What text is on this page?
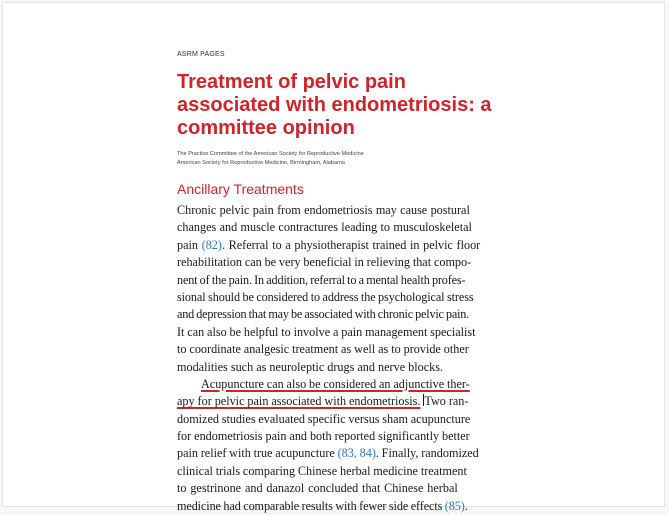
ASRM PAGES
Treatment of pelvic pain associated with endometriosis: a committee opinion
The Practice Committee of the American Society for Reproductive Medicine
American Society for Reproductive Medicine, Birmingham, Alabama
Ancillary Treatments
Chronic pelvic pain from endometriosis may cause postural
changes and muscle contractures leading to musculoskeletal
pain (82). Referral to a physiotherapist trained in pelvic floor
rehabilitation can be very beneficial in relieving that compo-
nent of the pain. In addition, referral to a mental health profes-
sional should be considered to address the psychological stress
and depression that may be associated with chronic pelvic pain.
It can also be helpful to involve a pain management specialist
to coordinate analgesic treatment as well as to provide other
modalities such as neuroleptic drugs and nerve blocks.
Acupuncture can also be considered an adjunctive ther-
apy for pelvic pain associated with endometriosis. Two ran-
domized studies evaluated specific versus sham acupuncture
for endometriosis pain and both reported significantly better
pain relief with true acupuncture (83, 84). Finally, randomized
clinical trials comparing Chinese herbal medicine treatment
to gestrinone and danazol concluded that Chinese herbal
medicine had comparable results with fewer side effects (85).
